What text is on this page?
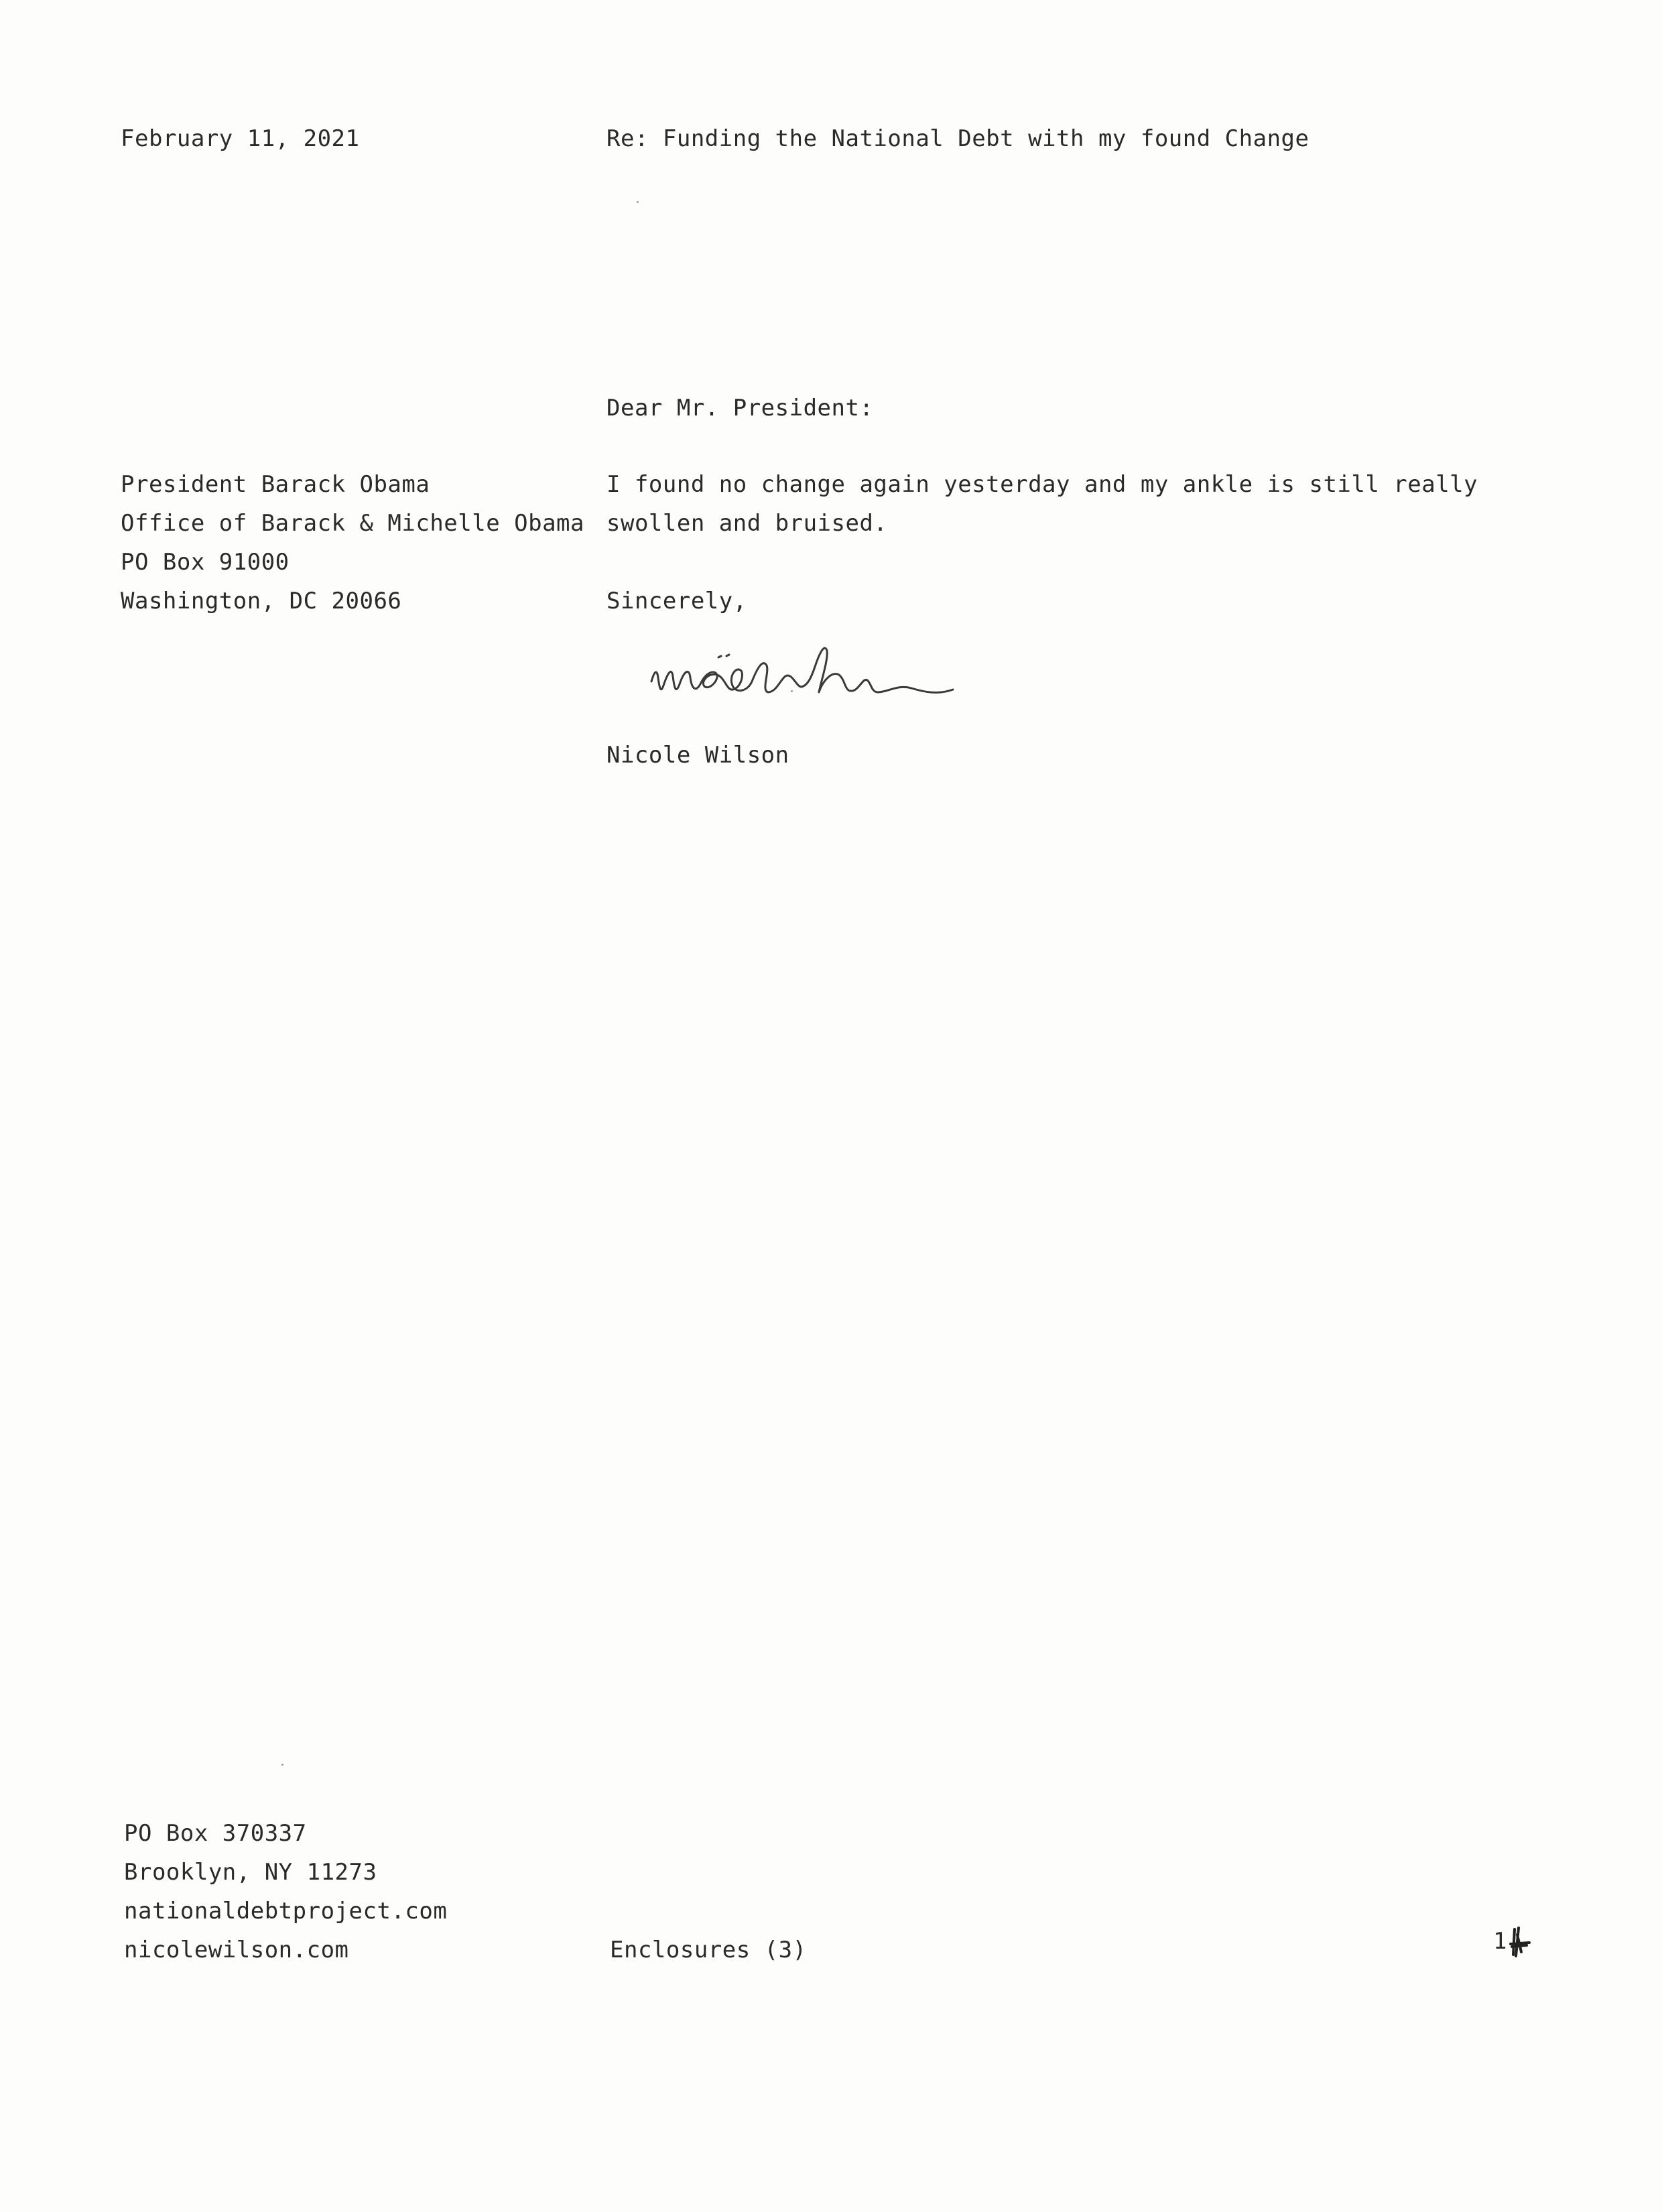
February 11, 2021	Re: Funding the National Debt with my found Change
Dear Mr. President:
President Barack Obama
Office of Barack & Michelle Obama
PO Box 91000
Washington, DC 20066
I found no change again yesterday and my ankle is still really
swollen and bruised.
Sincerely,
Nicole Wilson
PO Box 370337
Brooklyn, NY 11273
nationaldebtproject.com
nicolewilson.com	Enclosures (3)	1
